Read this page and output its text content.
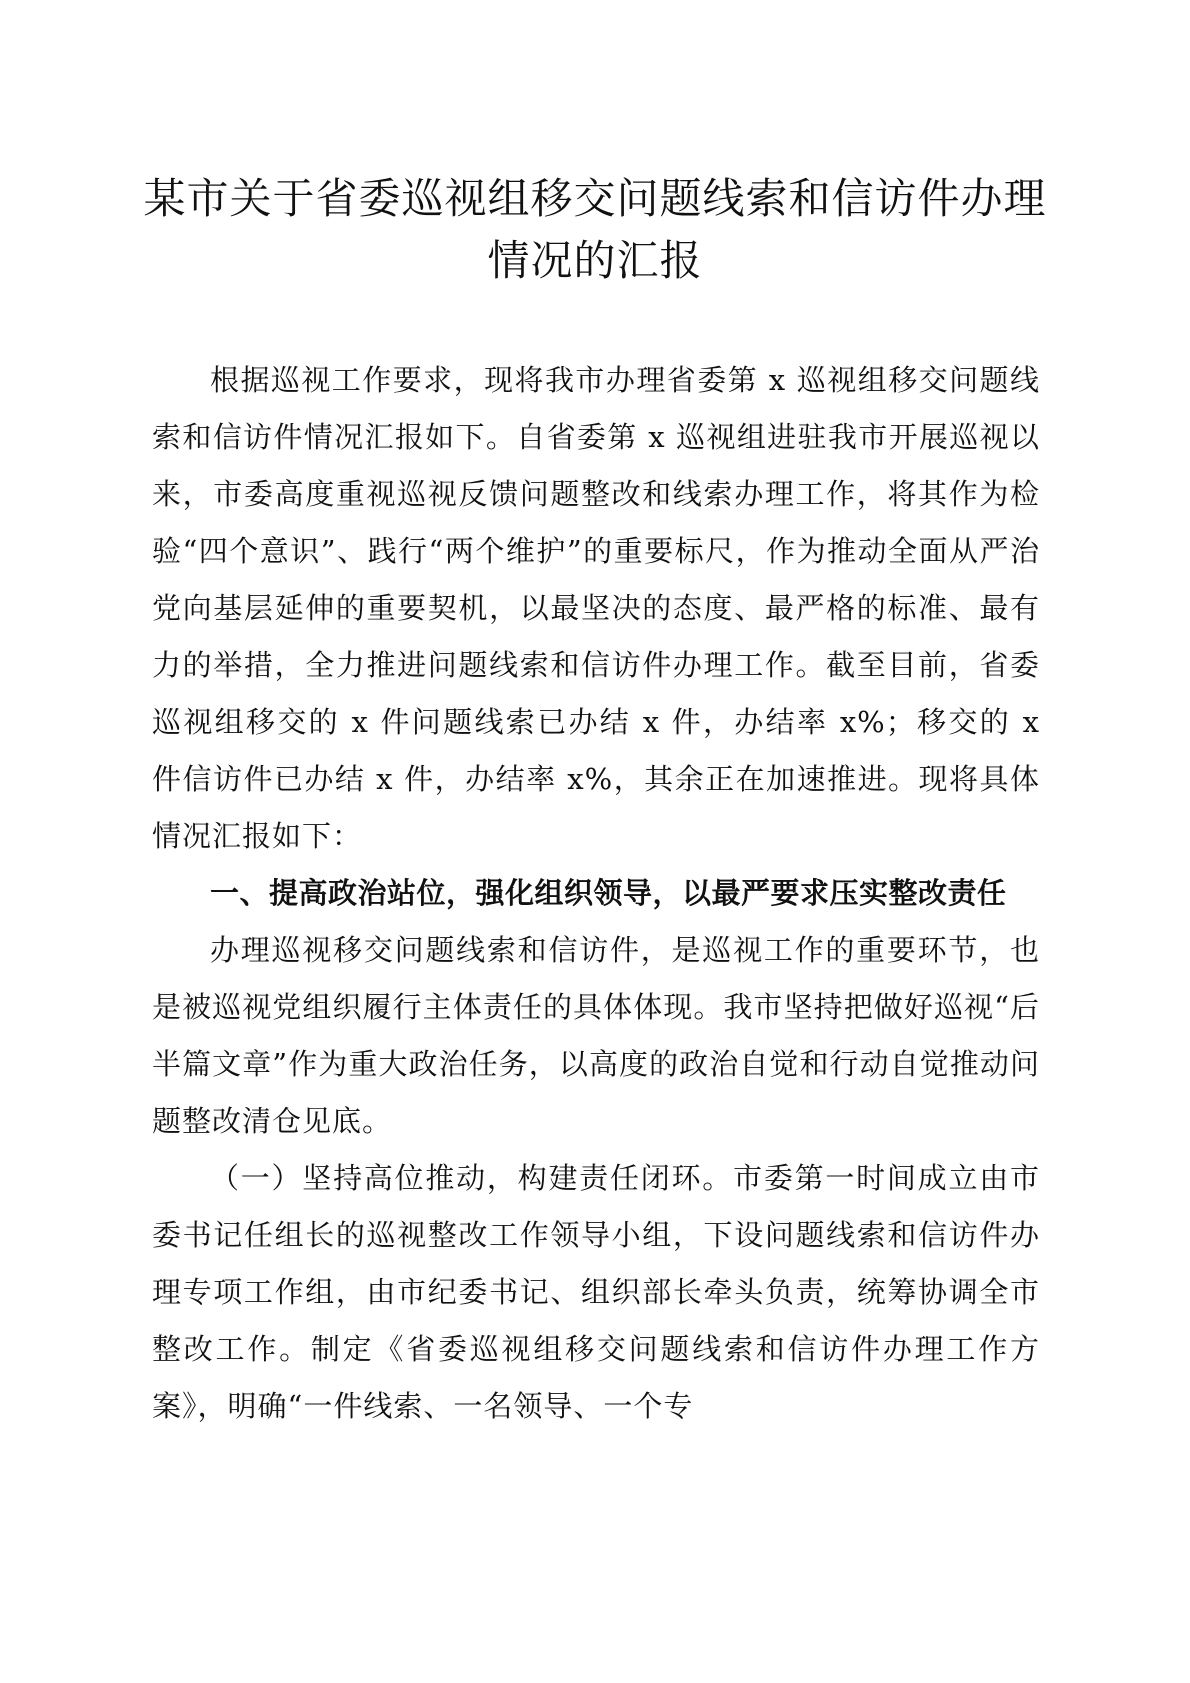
某市关于省委巡视组移交问题线索和信访件办理情况的汇报

根据巡视工作要求，现将我市办理省委第 x 巡视组移交问题线索和信访件情况汇报如下。自省委第 x 巡视组进驻我市开展巡视以来，市委高度重视巡视反馈问题整改和线索办理工作，将其作为检验“四个意识”、践行“两个维护”的重要标尺，作为推动全面从严治党向基层延伸的重要契机，以最坚决的态度、最严格的标准、最有力的举措，全力推进问题线索和信访件办理工作。截至目前，省委巡视组移交的 x 件问题线索已办结 x 件，办结率 x%；移交的 x 件信访件已办结 x 件，办结率 x%，其余正在加速推进。现将具体情况汇报如下：

一、提高政治站位，强化组织领导，以最严要求压实整改责任

办理巡视移交问题线索和信访件，是巡视工作的重要环节，也是被巡视党组织履行主体责任的具体体现。我市坚持把做好巡视“后半篇文章”作为重大政治任务，以高度的政治自觉和行动自觉推动问题整改清仓见底。

（一）坚持高位推动，构建责任闭环。市委第一时间成立由市委书记任组长的巡视整改工作领导小组，下设问题线索和信访件办理专项工作组，由市纪委书记、组织部长牵头负责，统筹协调全市整改工作。制定《省委巡视组移交问题线索和信访件办理工作方案》，明确“一件线索、一名领导、一个专
